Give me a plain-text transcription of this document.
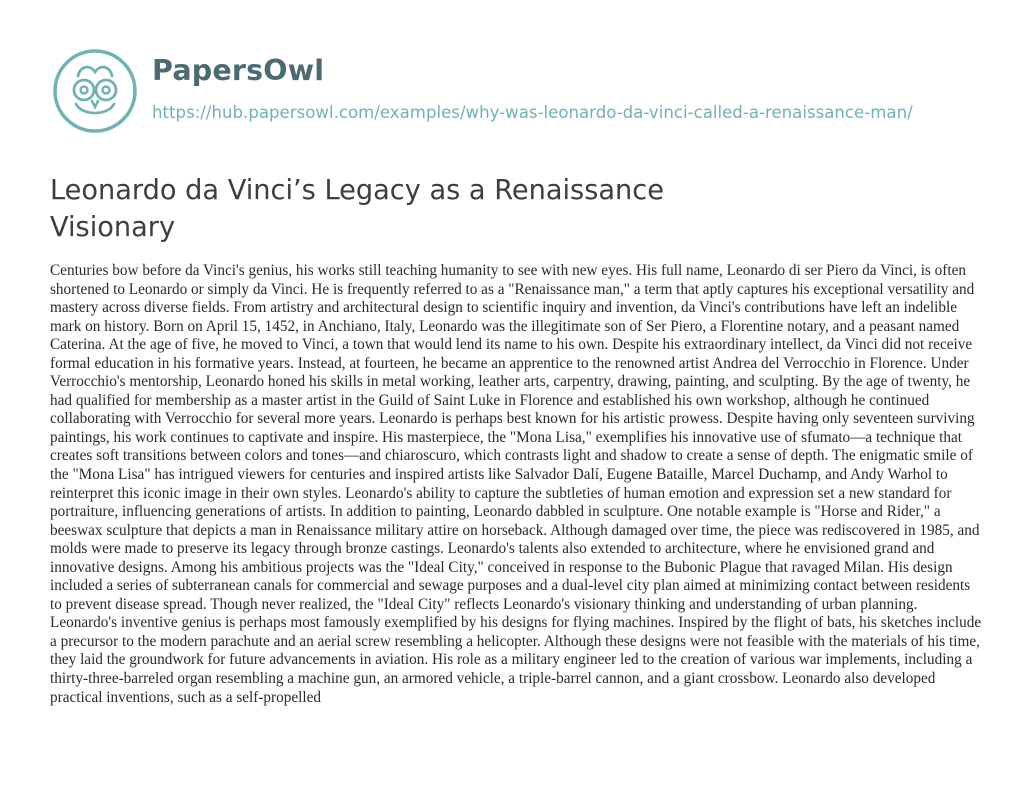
PapersOwl
https://hub.papersowl.com/examples/why-was-leonardo-da-vinci-called-a-renaissance-man/
Leonardo da Vinci’s Legacy as a Renaissance Visionary

Centuries bow before da Vinci's genius, his works still teaching humanity to see with new eyes. His full name, Leonardo di ser Piero da Vinci, is often shortened to Leonardo or simply da Vinci. He is frequently referred to as a "Renaissance man," a term that aptly captures his exceptional versatility and mastery across diverse fields. From artistry and architectural design to scientific inquiry and invention, da Vinci's contributions have left an indelible mark on history. Born on April 15, 1452, in Anchiano, Italy, Leonardo was the illegitimate son of Ser Piero, a Florentine notary, and a peasant named Caterina. At the age of five, he moved to Vinci, a town that would lend its name to his own. Despite his extraordinary intellect, da Vinci did not receive formal education in his formative years. Instead, at fourteen, he became an apprentice to the renowned artist Andrea del Verrocchio in Florence. Under Verrocchio's mentorship, Leonardo honed his skills in metal working, leather arts, carpentry, drawing, painting, and sculpting. By the age of twenty, he had qualified for membership as a master artist in the Guild of Saint Luke in Florence and established his own workshop, although he continued collaborating with Verrocchio for several more years. Leonardo is perhaps best known for his artistic prowess. Despite having only seventeen surviving paintings, his work continues to captivate and inspire. His masterpiece, the "Mona Lisa," exemplifies his innovative use of sfumato—a technique that creates soft transitions between colors and tones—and chiaroscuro, which contrasts light and shadow to create a sense of depth. The enigmatic smile of the "Mona Lisa" has intrigued viewers for centuries and inspired artists like Salvador Dalí, Eugene Bataille, Marcel Duchamp, and Andy Warhol to reinterpret this iconic image in their own styles. Leonardo's ability to capture the subtleties of human emotion and expression set a new standard for portraiture, influencing generations of artists. In addition to painting, Leonardo dabbled in sculpture. One notable example is "Horse and Rider," a beeswax sculpture that depicts a man in Renaissance military attire on horseback. Although damaged over time, the piece was rediscovered in 1985, and molds were made to preserve its legacy through bronze castings. Leonardo's talents also extended to architecture, where he envisioned grand and innovative designs. Among his ambitious projects was the "Ideal City," conceived in response to the Bubonic Plague that ravaged Milan. His design included a series of subterranean canals for commercial and sewage purposes and a dual-level city plan aimed at minimizing contact between residents to prevent disease spread. Though never realized, the "Ideal City" reflects Leonardo's visionary thinking and understanding of urban planning. Leonardo's inventive genius is perhaps most famously exemplified by his designs for flying machines. Inspired by the flight of bats, his sketches include a precursor to the modern parachute and an aerial screw resembling a helicopter. Although these designs were not feasible with the materials of his time, they laid the groundwork for future advancements in aviation. His role as a military engineer led to the creation of various war implements, including a thirty-three-barreled organ resembling a machine gun, an armored vehicle, a triple-barrel cannon, and a giant crossbow. Leonardo also developed practical inventions, such as a self-propelled
